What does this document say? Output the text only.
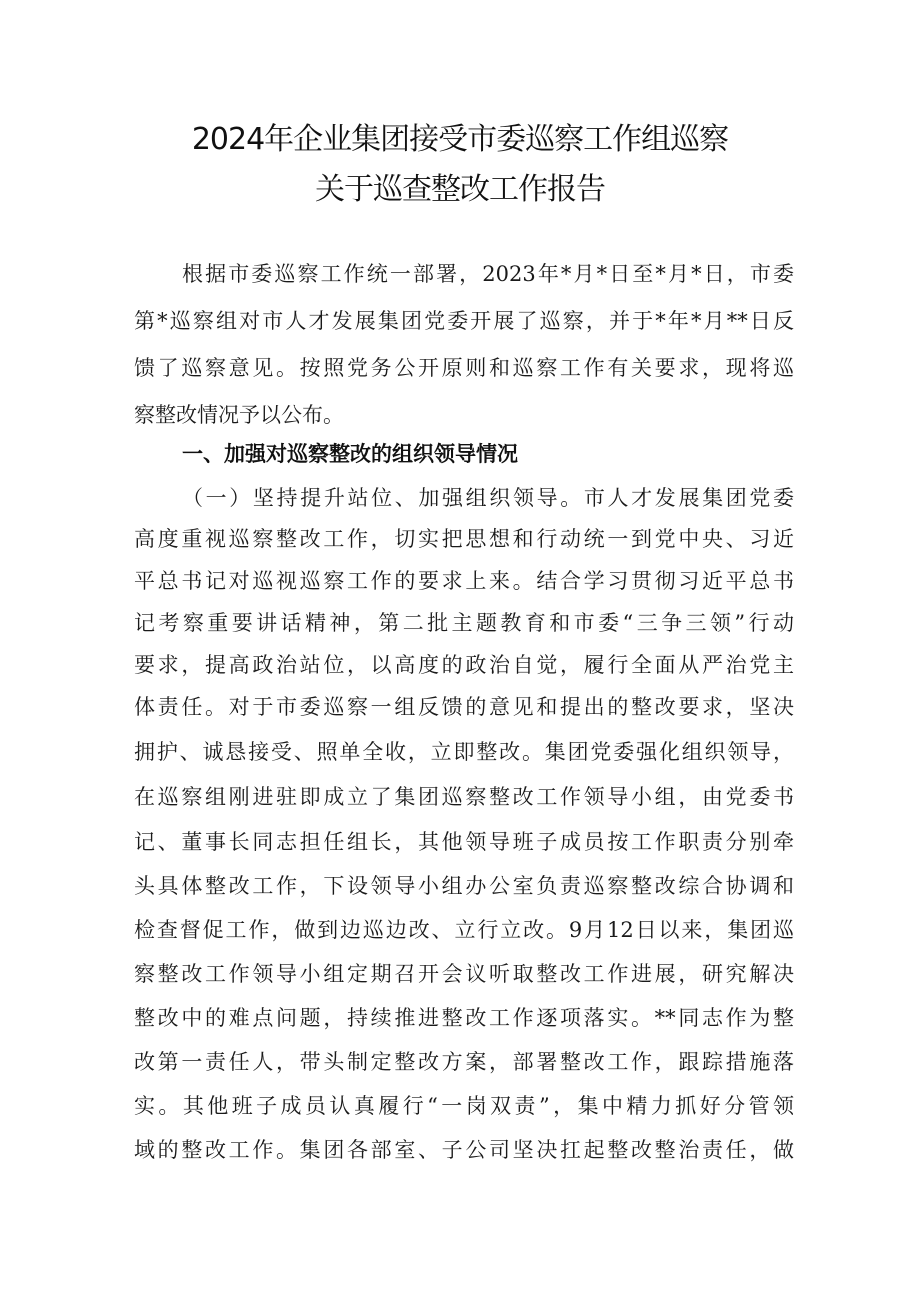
2024年企业集团接受市委巡察工作组巡察
关于巡查整改工作报告

根据市委巡察工作统一部署，2023年*月*日至*月*日，市委

第*巡察组对市人才发展集团党委开展了巡察，并于*年*月**日反

馈了巡察意见。按照党务公开原则和巡察工作有关要求，现将巡

察整改情况予以公布。

一、加强对巡察整改的组织领导情况

（一）坚持提升站位、加强组织领导。市人才发展集团党委

高度重视巡察整改工作，切实把思想和行动统一到党中央、习近

平总书记对巡视巡察工作的要求上来。结合学习贯彻习近平总书

记考察重要讲话精神，第二批主题教育和市委“三争三领”行动

要求，提高政治站位，以高度的政治自觉，履行全面从严治党主

体责任。对于市委巡察一组反馈的意见和提出的整改要求，坚决

拥护、诚恳接受、照单全收，立即整改。集团党委强化组织领导，

在巡察组刚进驻即成立了集团巡察整改工作领导小组，由党委书

记、董事长同志担任组长，其他领导班子成员按工作职责分别牵

头具体整改工作，下设领导小组办公室负责巡察整改综合协调和

检查督促工作，做到边巡边改、立行立改。9月12日以来，集团巡

察整改工作领导小组定期召开会议听取整改工作进展，研究解决

整改中的难点问题，持续推进整改工作逐项落实。**同志作为整

改第一责任人，带头制定整改方案，部署整改工作，跟踪措施落

实。其他班子成员认真履行“一岗双责”，集中精力抓好分管领

域的整改工作。集团各部室、子公司坚决扛起整改整治责任，做
